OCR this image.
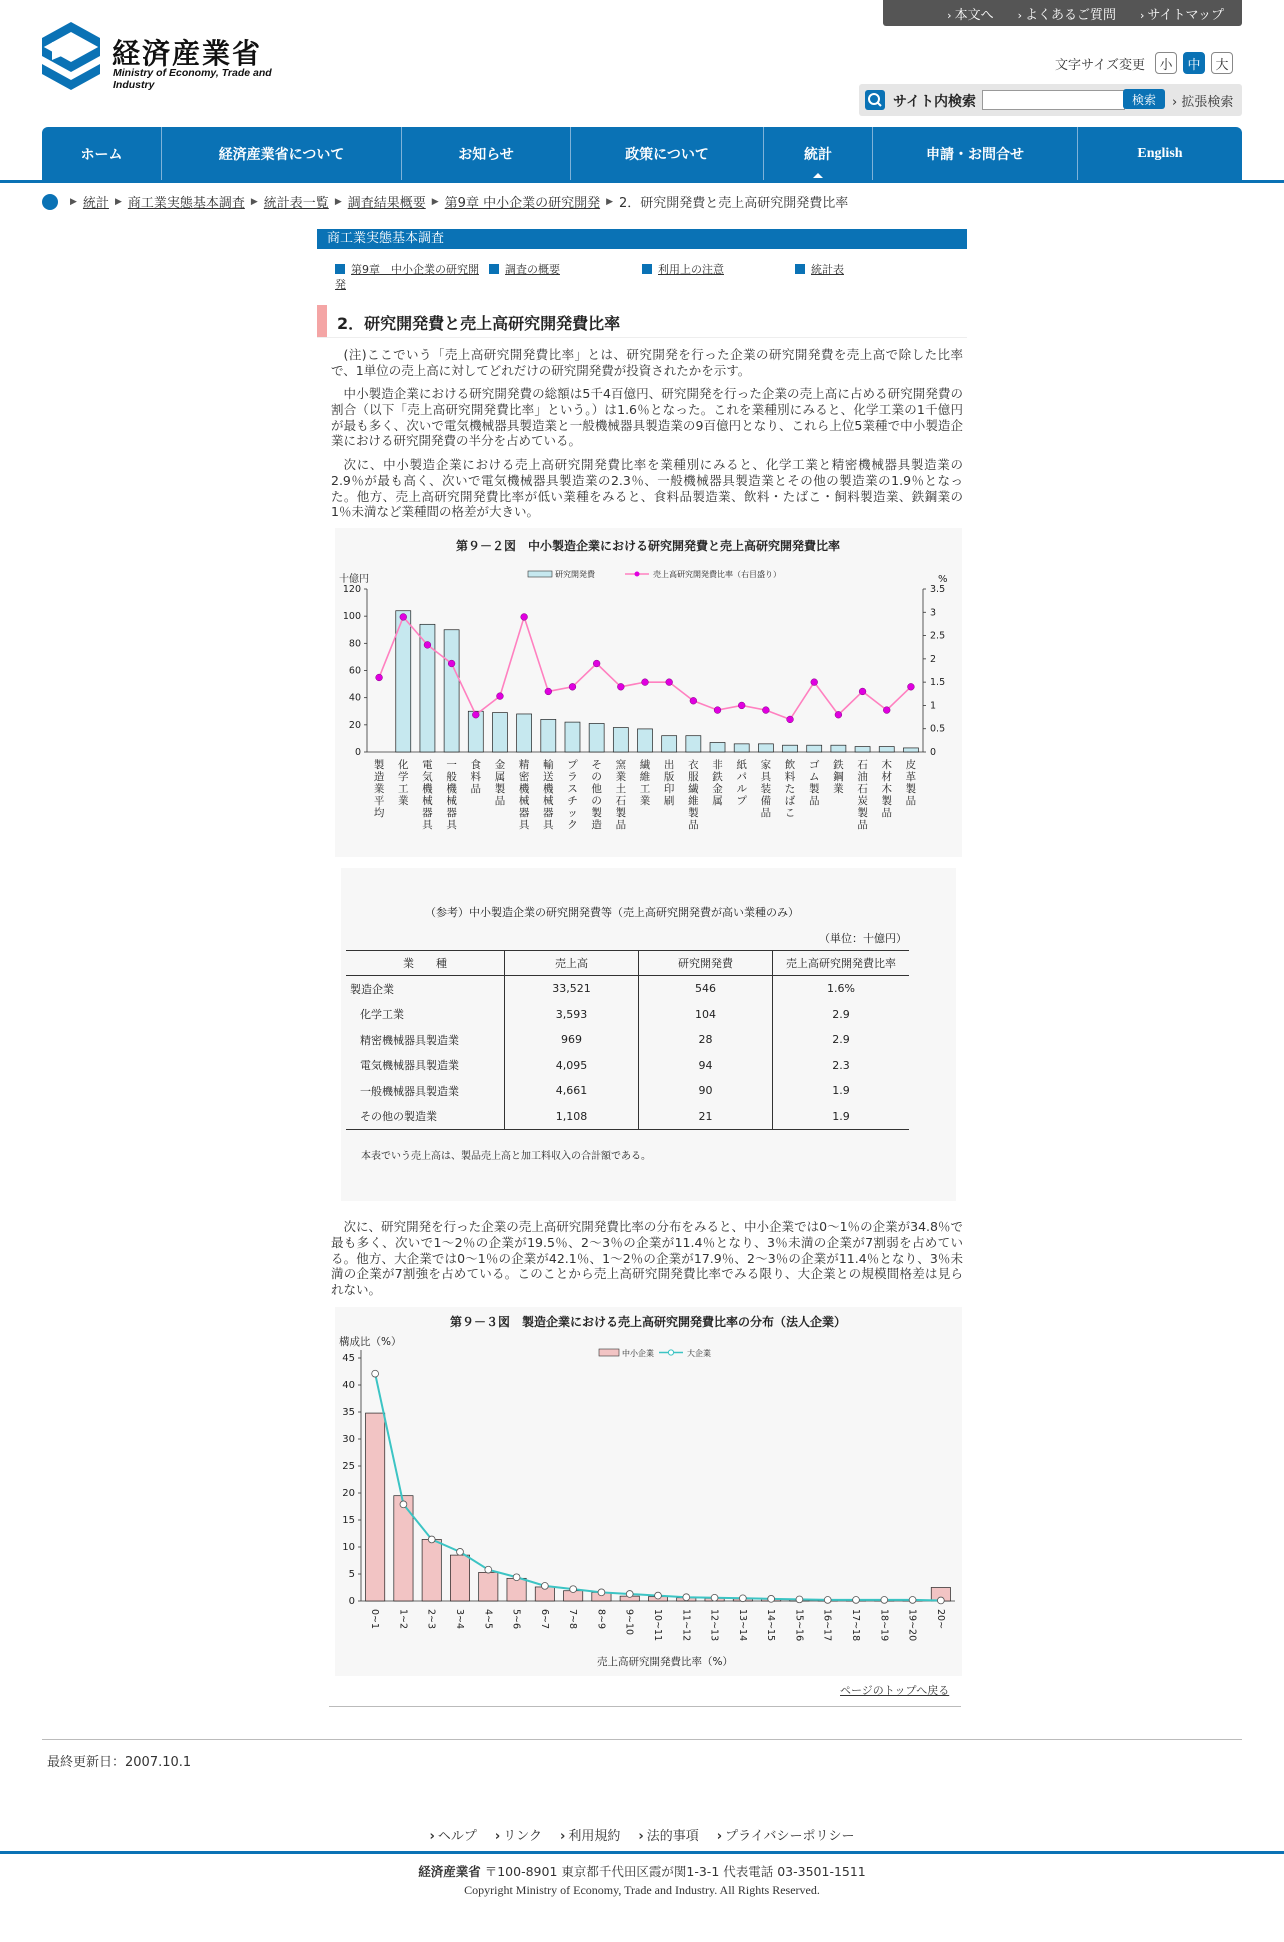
› 本文へ › よくあるご質問 › サイトマップ
経済産業省
Ministry of Economy, Trade and Industry
文字サイズ変更	小	中	大
サイト内検索	検索	› 拡張検索
ホーム	経済産業省について	お知らせ	政策について	統計	申請・お問合せ	English
▶ 統計 ▶ 商工業実態基本調査 ▶ 統計表一覧 ▶ 調査結果概要 ▶ 第9章 中小企業の研究開発 ▶ 2．研究開発費と売上高研究開発費比率
商工業実態基本調査
第9章　中小企業の研究開発
調査の概要	利用上の注意	統計表
2．研究開発費と売上高研究開発費比率

(注)ここでいう「売上高研究開発費比率」とは、研究開発を行った企業の研究開発費を売上高で除した比率で、1単位の売上高に対してどれだけの研究開発費が投資されたかを示す。

中小製造企業における研究開発費の総額は5千4百億円、研究開発を行った企業の売上高に占める研究開発費の割合（以下「売上高研究開発費比率」という。）は1.6％となった。これを業種別にみると、化学工業の1千億円が最も多く、次いで電気機械器具製造業と一般機械器具製造業の9百億円となり、これら上位5業種で中小製造企業における研究開発費の半分を占めている。

次に、中小製造企業における売上高研究開発費比率を業種別にみると、化学工業と精密機械器具製造業の2.9％が最も高く、次いで電気機械器具製造業の2.3％、一般機械器具製造業とその他の製造業の1.9％となった。他方、売上高研究開発費比率が低い業種をみると、食料品製造業、飲料・たばこ・飼料製造業、鉄鋼業の1％未満など業種間の格差が大きい。

第９－２図　中小製造企業における研究開発費と売上高研究開発費比率
十億円	%
研究開発費	売上高研究開発費比率（右目盛り）
0
20
40
60
80
100
120
0
0.5
1
1.5
2
2.5
3
3.5
製造業平均
化学工業
電気機械器具
一般機械器具
食料品
金属製品
精密機械器具
輸送機械器具
プラスチック
その他の製造
窯業土石製品
繊維工業
出版印刷
衣服繊維製品
非鉄金属
紙パルプ
家具装備品
飲料たばこ
ゴム製品
鉄鋼業
石油石炭製品
木材木製品
皮革製品
（参考）中小製造企業の研究開発費等（売上高研究開発費が高い業種のみ）
（単位：十億円）
業　　種	売上高	研究開発費	売上高研究開発費比率
製造企業	33,521	546	1.6%
化学工業	3,593	104	2.9
精密機械器具製造業	969	28	2.9
電気機械器具製造業	4,095	94	2.3
一般機械器具製造業	4,661	90	1.9
その他の製造業	1,108	21	1.9
本表でいう売上高は、製品売上高と加工料収入の合計額である。

次に、研究開発を行った企業の売上高研究開発費比率の分布をみると、中小企業では0～1％の企業が34.8％で最も多く、次いで1～2％の企業が19.5％、2～3％の企業が11.4％となり、3％未満の企業が7割弱を占めている。他方、大企業では0～1％の企業が42.1％、1～2％の企業が17.9％、2～3％の企業が11.4％となり、3％未満の企業が7割強を占めている。このことから売上高研究開発費比率でみる限り、大企業との規模間格差は見られない。

第９－３図　製造企業における売上高研究開発費比率の分布（法人企業）
構成比（%）
中小企業	大企業
0
5
10
15
20
25
30
35
40
45
0~1 1~2 2~3 3~4 4~5 5~6 6~7 7~8 8~9 9~10 10~11 11~12 12~13 13~14 14~15 15~16 16~17 17~18 18~19 19~20 20~
売上高研究開発費比率（%）
ページのトップへ戻る
最終更新日：2007.10.1
› ヘルプ › リンク › 利用規約 › 法的事項 › プライバシーポリシー
経済産業省 〒100-8901 東京都千代田区霞が関1-3-1 代表電話 03-3501-1511
Copyright Ministry of Economy, Trade and Industry. All Rights Reserved.
